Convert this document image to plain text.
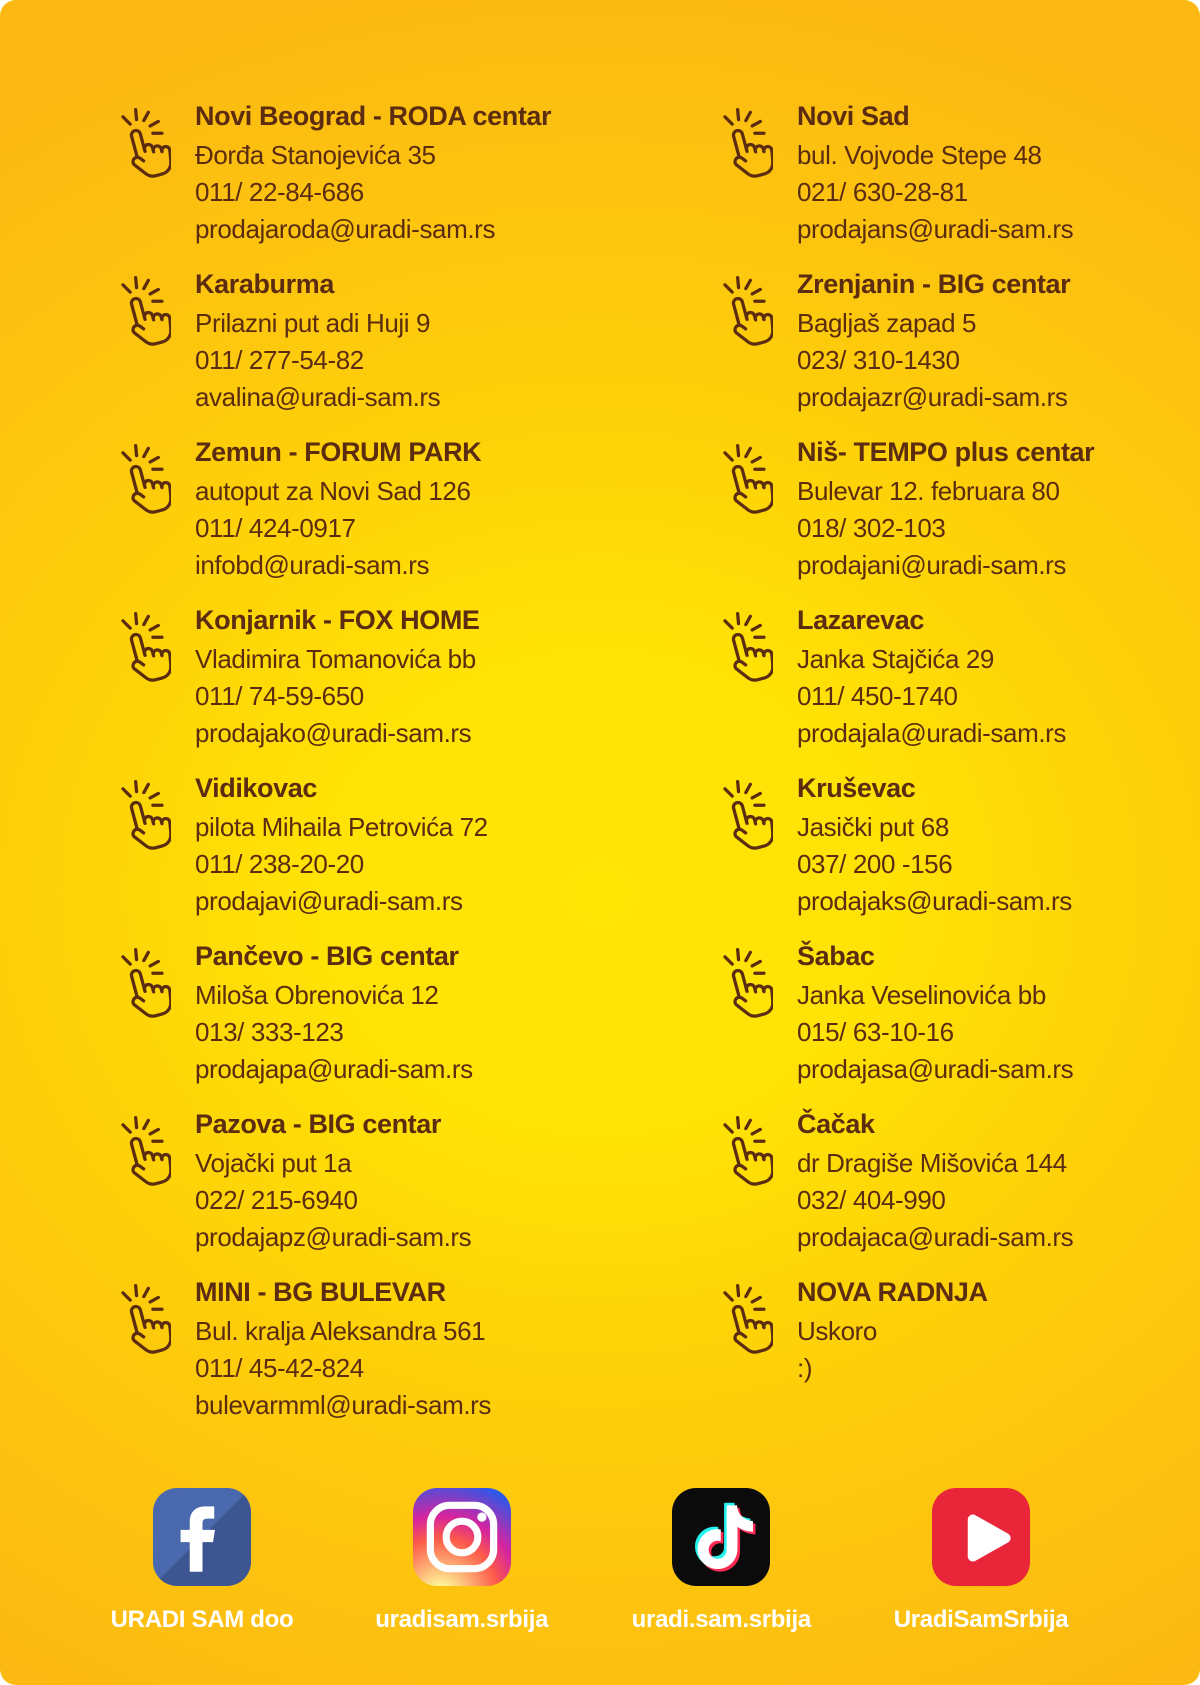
Novi Beograd - RODA centar
Đorđa Stanojevića 35
011/ 22-84-686
prodajaroda@uradi-sam.rs
Karaburma
Prilazni put adi Huji 9
011/ 277-54-82
avalina@uradi-sam.rs
Zemun - FORUM PARK
autoput za Novi Sad 126
011/ 424-0917
infobd@uradi-sam.rs
Konjarnik - FOX HOME
Vladimira Tomanovića bb
011/ 74-59-650
prodajako@uradi-sam.rs
Vidikovac
pilota Mihaila Petrovića 72
011/ 238-20-20
prodajavi@uradi-sam.rs
Pančevo - BIG centar
Miloša Obrenovića 12
013/ 333-123
prodajapa@uradi-sam.rs
Pazova - BIG centar
Vojački put 1a
022/ 215-6940
prodajapz@uradi-sam.rs
MINI - BG BULEVAR
Bul. kralja Aleksandra 561
011/ 45-42-824
bulevarmml@uradi-sam.rs
Novi Sad
bul. Vojvode Stepe 48
021/ 630-28-81
prodajans@uradi-sam.rs
Zrenjanin - BIG centar
Bagljaš zapad 5
023/ 310-1430
prodajazr@uradi-sam.rs
Niš- TEMPO plus centar
Bulevar 12. februara 80
018/ 302-103
prodajani@uradi-sam.rs
Lazarevac
Janka Stajčića 29
011/ 450-1740
prodajala@uradi-sam.rs
Kruševac
Jasički put 68
037/ 200 -156
prodajaks@uradi-sam.rs
Šabac
Janka Veselinovića bb
015/ 63-10-16
prodajasa@uradi-sam.rs
Čačak
dr Dragiše Mišovića 144
032/ 404-990
prodajaca@uradi-sam.rs
NOVA RADNJA
Uskoro
:)
URADI SAM doo	uradisam.srbija	uradi.sam.srbija	UradiSamSrbija
